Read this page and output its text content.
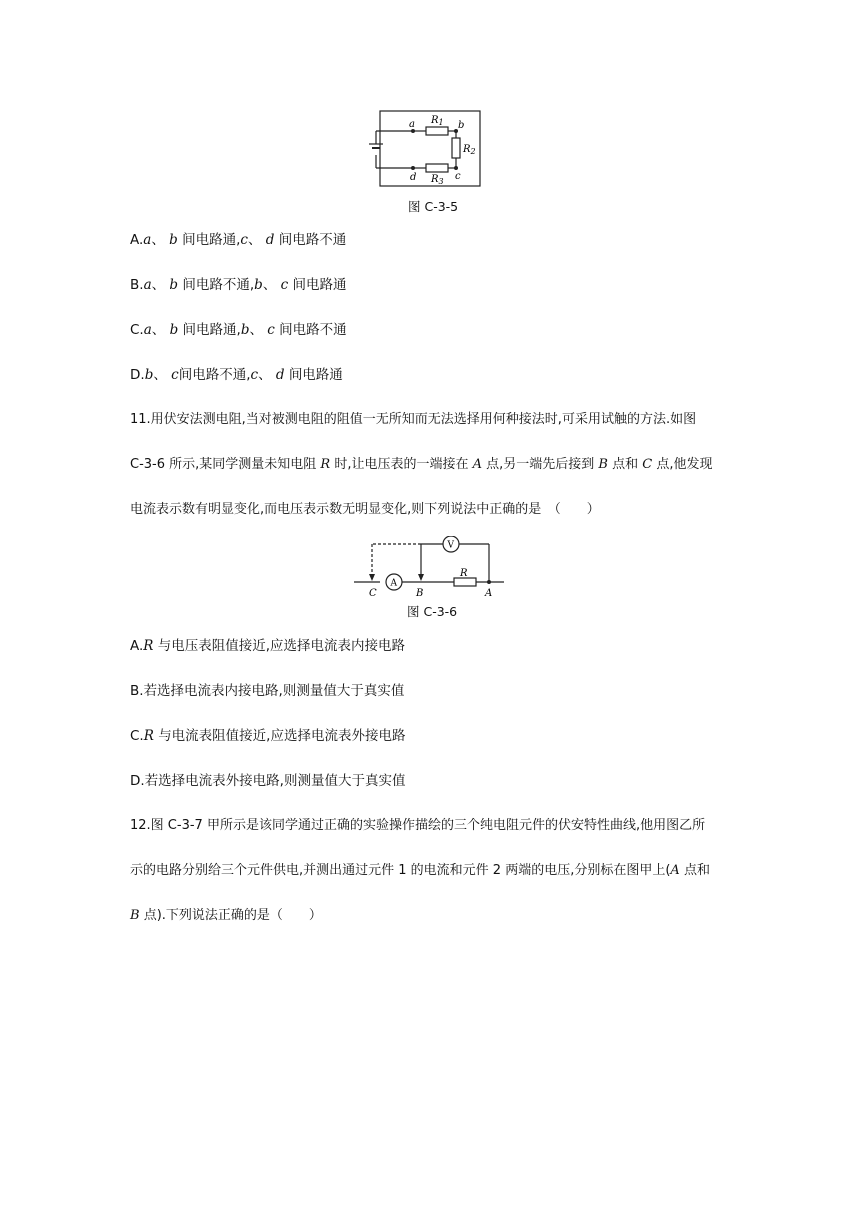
a	b
c
d
$R_1$
$R_2$
$R_3$
图 C-3-5
A.a、 b 间电路通,c、 d 间电路不通
B.a、 b 间电路不通,b、 c 间电路通
C.a、 b 间电路通,b、 c 间电路不通
D.b、 c间电路不通,c、 d 间电路通
11.用伏安法测电阻,当对被测电阻的阻值一无所知而无法选择用何种接法时,可采用试触的方法.如图
C-3-6 所示,某同学测量未知电阻 R 时,让电压表的一端接在 A 点,另一端先后接到 B 点和 C 点,他发现
电流表示数有明显变化,而电压表示数无明显变化,则下列说法中正确的是　（　　）
A
V
R
C	B	A
图 C-3-6
A.R 与电压表阻值接近,应选择电流表内接电路
B.若选择电流表内接电路,则测量值大于真实值
C.R 与电流表阻值接近,应选择电流表外接电路
D.若选择电流表外接电路,则测量值大于真实值
12.图 C-3-7 甲所示是该同学通过正确的实验操作描绘的三个纯电阻元件的伏安特性曲线,他用图乙所
示的电路分别给三个元件供电,并测出通过元件 1 的电流和元件 2 两端的电压,分别标在图甲上(A 点和
B 点).下列说法正确的是（　　）
